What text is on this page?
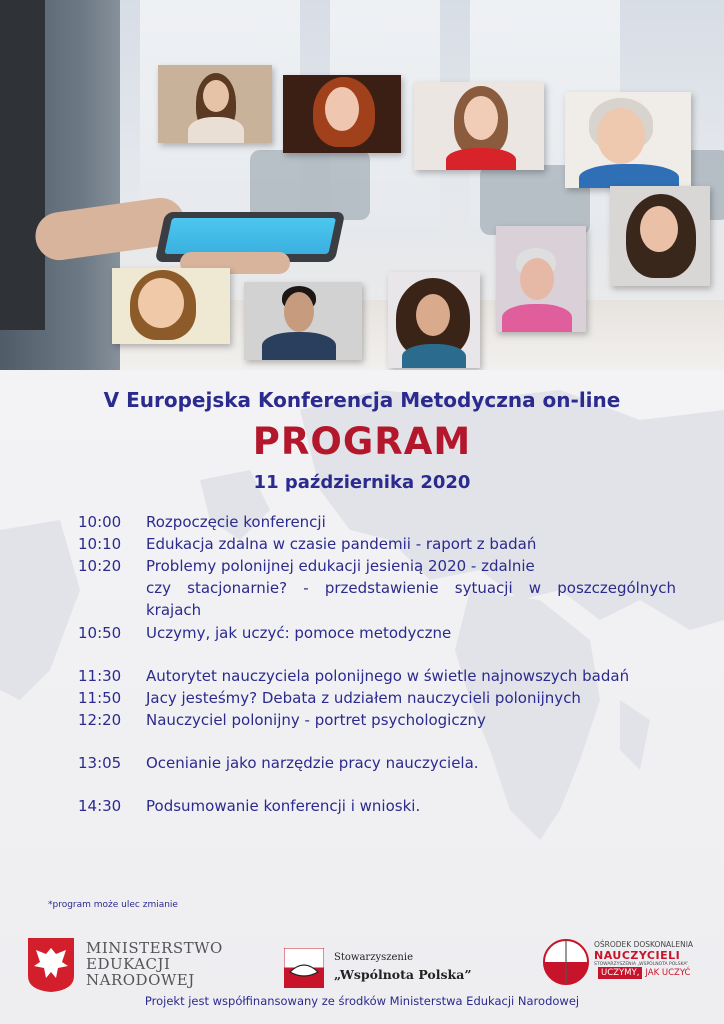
V Europejska Konferencja Metodyczna on-line
PROGRAM
11 października 2020
10:00	Rozpoczęcie konferencji
10:10	Edukacja zdalna w czasie pandemii - raport z badań
10:20	Problemy polonijnej edukacji jesienią 2020 - zdalnie
czy stacjonarnie? - przedstawienie sytuacji w poszczególnych
krajach
10:50	Uczymy, jak uczyć: pomoce metodyczne
11:30	Autorytet nauczyciela polonijnego w świetle najnowszych badań
11:50	Jacy jesteśmy? Debata z udziałem nauczycieli polonijnych
12:20	Nauczyciel polonijny - portret psychologiczny
13:05	Ocenianie jako narzędzie pracy nauczyciela.
14:30	Podsumowanie konferencji i wnioski.
*program może ulec zmianie
MINISTERSTWO
EDUKACJI
NARODOWEJ
Stowarzyszenie
„Wspólnota Polska”
OŚRODEK DOSKONALENIA
NAUCZYCIELI
STOWARZYSZENIA „WSPÓLNOTA POLSKA”
UCZYMY, JAK UCZYĆ
Projekt jest współfinansowany ze środków Ministerstwa Edukacji Narodowej
